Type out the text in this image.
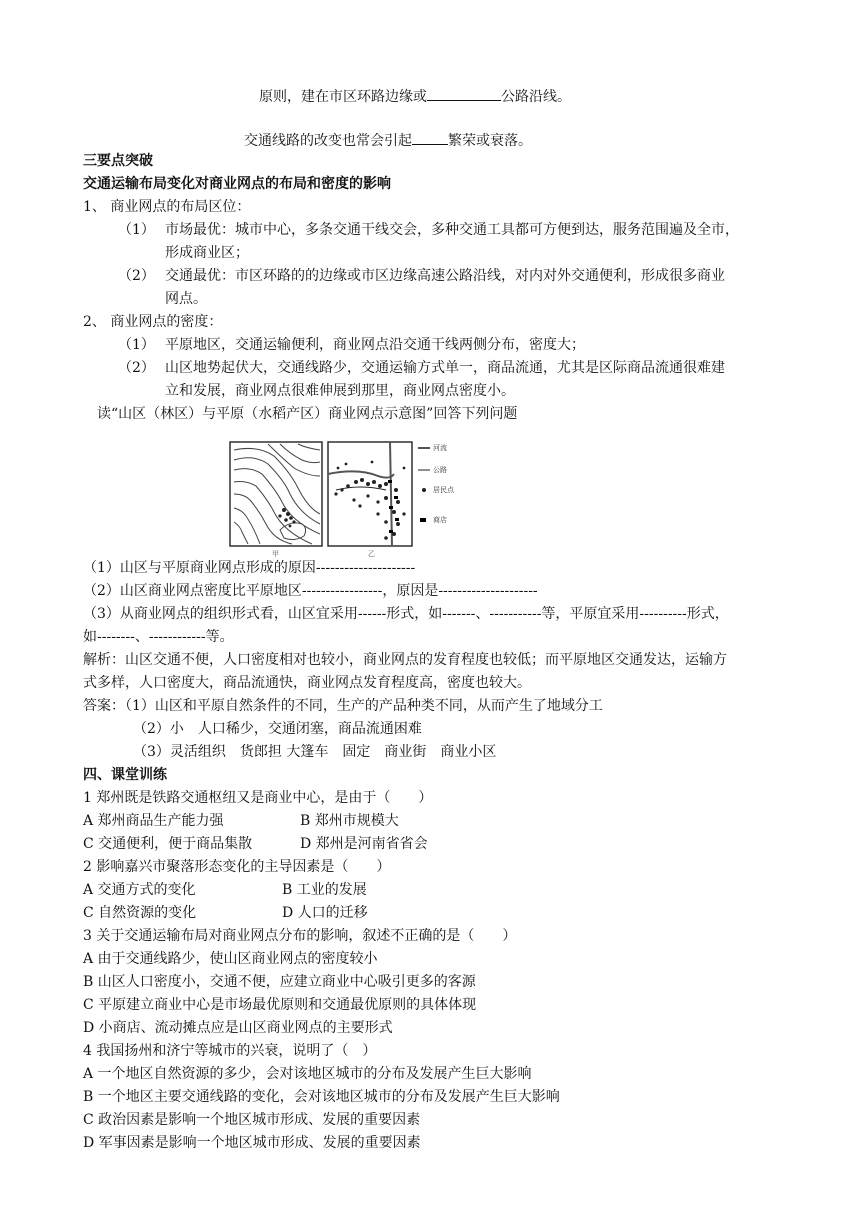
原则，建在市区环路边缘或	公路沿线。
交通线路的改变也常会引起	繁荣或衰落。
三要点突破
交通运输布局变化对商业网点的布局和密度的影响
1、 商业网点的布局区位：
（1） 市场最优：城市中心，多条交通干线交会，多种交通工具都可方便到达，服务范围遍及全市，
形成商业区；
（2） 交通最优：市区环路的的边缘或市区边缘高速公路沿线，对内对外交通便利，形成很多商业
网点。
2、 商业网点的密度：
（1） 平原地区，交通运输便利，商业网点沿交通干线两侧分布，密度大；
（2） 山区地势起伏大，交通线路少，交通运输方式单一，商品流通，尤其是区际商品流通很难建
立和发展，商业网点很难伸展到那里，商业网点密度小。
读“山区（林区）与平原（水稻产区）商业网点示意图”回答下列问题
河流
公路
居民点
商店
甲	乙
（1）山区与平原商业网点形成的原因---------------------
（2）山区商业网点密度比平原地区-----------------，原因是---------------------
（3）从商业网点的组织形式看，山区宜采用------形式，如-------、-----------等，平原宜采用----------形式，
如--------、------------等。
解析：山区交通不便，人口密度相对也较小，商业网点的发育程度也较低；而平原地区交通发达，运输方
式多样，人口密度大，商品流通快，商业网点发育程度高，密度也较大。
答案：（1）山区和平原自然条件的不同，生产的产品种类不同，从而产生了地域分工
（2）小　人口稀少，交通闭塞，商品流通困难
（3）灵活组织　货郎担 大篷车　固定　商业街　商业小区
四、课堂训练
1 郑州既是铁路交通枢纽又是商业中心，是由于（　　）
A 郑州商品生产能力强	B 郑州市规模大
C 交通便利，便于商品集散	D 郑州是河南省省会
2 影响嘉兴市聚落形态变化的主导因素是（　　）
A 交通方式的变化	B 工业的发展
C 自然资源的变化	D 人口的迁移
3 关于交通运输布局对商业网点分布的影响，叙述不正确的是（　　）
A 由于交通线路少，使山区商业网点的密度较小
B 山区人口密度小，交通不便，应建立商业中心吸引更多的客源
C 平原建立商业中心是市场最优原则和交通最优原则的具体体现
D 小商店、流动摊点应是山区商业网点的主要形式
4 我国扬州和济宁等城市的兴衰，说明了（　）
A 一个地区自然资源的多少，会对该地区城市的分布及发展产生巨大影响
B 一个地区主要交通线路的变化，会对该地区城市的分布及发展产生巨大影响
C 政治因素是影响一个地区城市形成、发展的重要因素
D 军事因素是影响一个地区城市形成、发展的重要因素
